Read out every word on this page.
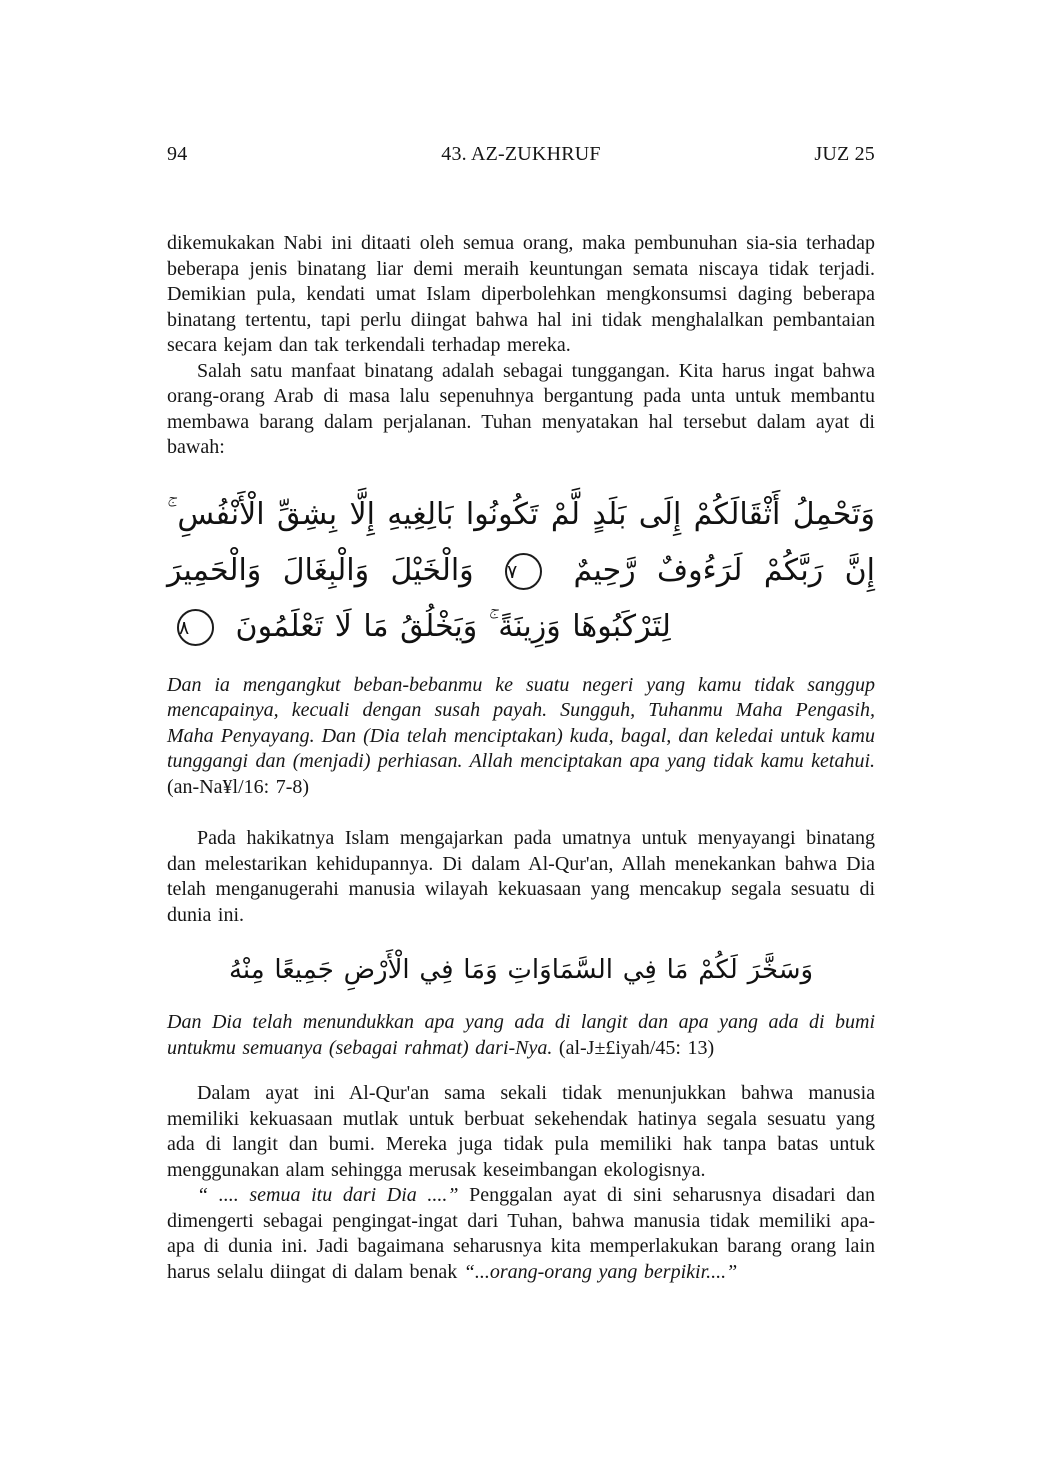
94	43. AZ-ZUKHRUF	JUZ 25

dikemukakan Nabi ini ditaati oleh semua orang, maka pembunuhan sia-sia terhadap beberapa jenis binatang liar demi meraih keuntungan semata niscaya tidak terjadi. Demikian pula, kendati umat Islam diperbolehkan mengkonsumsi daging beberapa binatang tertentu, tapi perlu diingat bahwa hal ini tidak menghalalkan pembantaian secara kejam dan tak terkendali terhadap mereka.

Salah satu manfaat binatang adalah sebagai tunggangan. Kita harus ingat bahwa orang-orang Arab di masa lalu sepenuhnya bergantung pada unta untuk membantu membawa barang dalam perjalanan. Tuhan menyatakan hal tersebut dalam ayat di bawah:

وَتَحْمِلُ أَثْقَالَكُمْ إِلَى بَلَدٍ لَّمْ تَكُونُوا بَالِغِيهِ إِلَّا بِشِقِّ الْأَنْفُسِ ۚ إِنَّ رَبَّكُمْ لَرَءُوفٌ رَّحِيمٌ ٧ وَالْخَيْلَ وَالْبِغَالَ وَالْحَمِيرَ لِتَرْكَبُوهَا وَزِينَةً ۚ وَيَخْلُقُ مَا لَا تَعْلَمُونَ ٨

Dan ia mengangkut beban-bebanmu ke suatu negeri yang kamu tidak sanggup mencapainya, kecuali dengan susah payah. Sungguh, Tuhanmu Maha Pengasih, Maha Penyayang. Dan (Dia telah menciptakan) kuda, bagal, dan keledai untuk kamu tunggangi dan (menjadi) perhiasan. Allah menciptakan apa yang tidak kamu ketahui. (an-Na¥l/16: 7-8)

Pada hakikatnya Islam mengajarkan pada umatnya untuk menyayangi binatang dan melestarikan kehidupannya. Di dalam Al-Qur'an, Allah menekankan bahwa Dia telah menganugerahi manusia wilayah kekuasaan yang mencakup segala sesuatu di dunia ini.

وَسَخَّرَ لَكُمْ مَا فِي السَّمَاوَاتِ وَمَا فِي الْأَرْضِ جَمِيعًا مِنْهُ

Dan Dia telah menundukkan apa yang ada di langit dan apa yang ada di bumi untukmu semuanya (sebagai rahmat) dari-Nya. (al-J±£iyah/45: 13)

Dalam ayat ini Al-Qur'an sama sekali tidak menunjukkan bahwa manusia memiliki kekuasaan mutlak untuk berbuat sekehendak hatinya segala sesuatu yang ada di langit dan bumi. Mereka juga tidak pula memiliki hak tanpa batas untuk menggunakan alam sehingga merusak keseimbangan ekologisnya.

“ .... semua itu dari Dia ....” Penggalan ayat di sini seharusnya disadari dan dimengerti sebagai pengingat-ingat dari Tuhan, bahwa manusia tidak memiliki apa-apa di dunia ini. Jadi bagaimana seharusnya kita memperlakukan barang orang lain harus selalu diingat di dalam benak “...orang-orang yang berpikir....”
